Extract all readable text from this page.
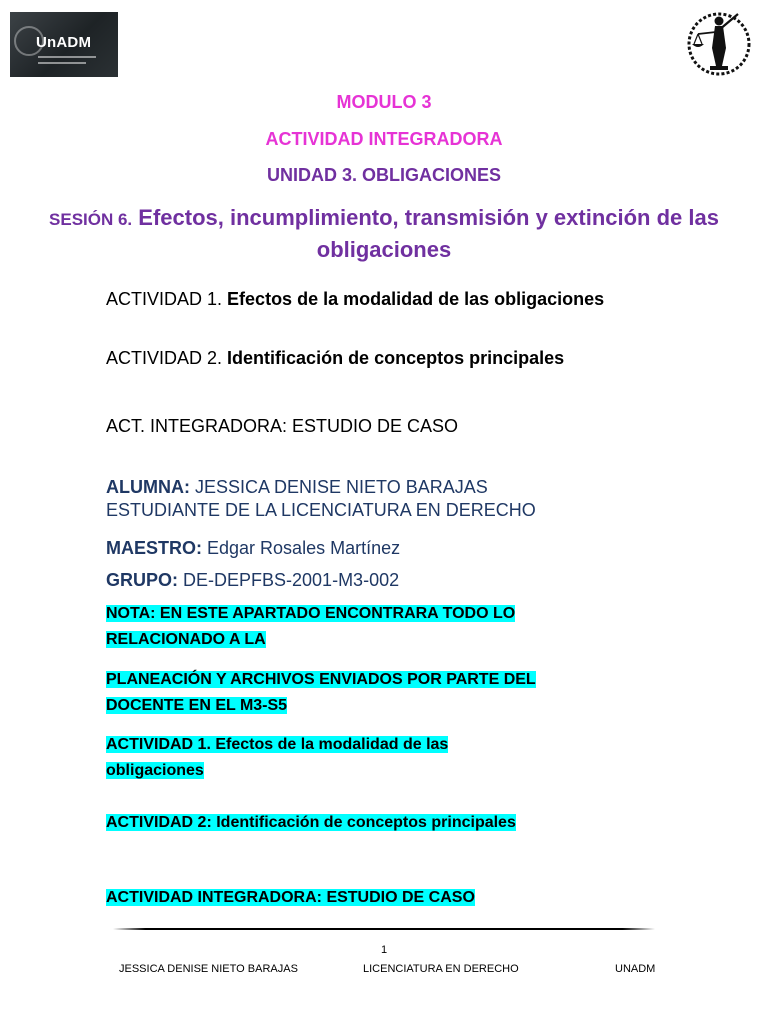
UnADM
MODULO 3
ACTIVIDAD INTEGRADORA
UNIDAD 3. OBLIGACIONES
SESIÓN 6. Efectos, incumplimiento, transmisión y extinción de las obligaciones
ACTIVIDAD 1. Efectos de la modalidad de las obligaciones
ACTIVIDAD 2. Identificación de conceptos principales
ACT. INTEGRADORA: ESTUDIO DE CASO
ALUMNA: JESSICA DENISE NIETO BARAJAS
ESTUDIANTE DE LA LICENCIATURA EN DERECHO
MAESTRO: Edgar Rosales Martínez
GRUPO: DE-DEPFBS-2001-M3-002
NOTA: EN ESTE APARTADO ENCONTRARA TODO LO
RELACIONADO A LA
PLANEACIÓN Y ARCHIVOS ENVIADOS POR PARTE DEL
DOCENTE EN EL M3-S5
ACTIVIDAD 1. Efectos de la modalidad de las
obligaciones
ACTIVIDAD 2: Identificación de conceptos principales
ACTIVIDAD INTEGRADORA: ESTUDIO DE CASO
1
JESSICA DENISE NIETO BARAJAS	LICENCIATURA EN DERECHO	UNADM
